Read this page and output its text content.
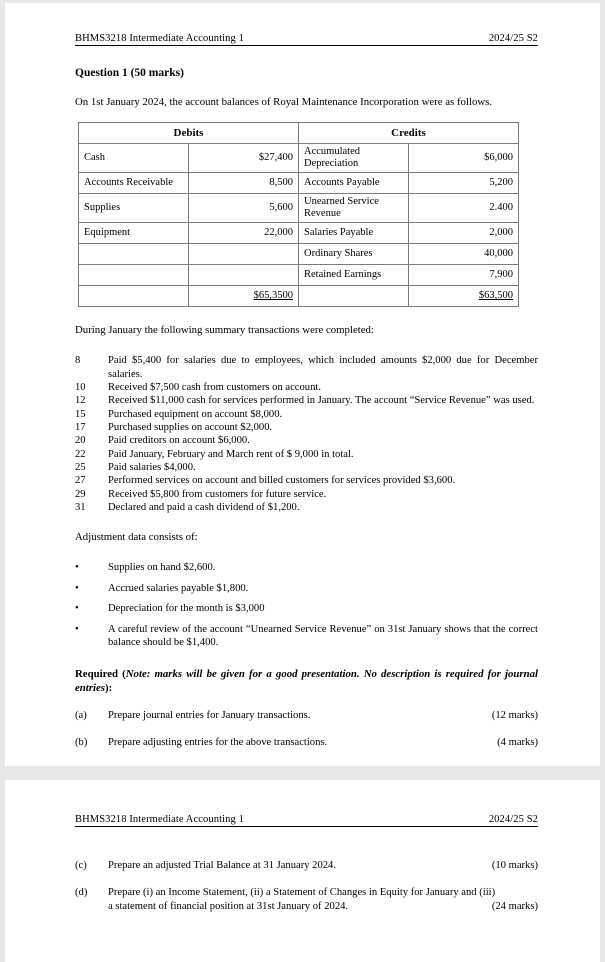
BHMS3218 Intermediate Accounting 1	2024/25 S2
Question 1 (50 marks)
On 1st January 2024, the account balances of Royal Maintenance Incorporation were as follows.
Debits		Credits	
Cash	$27,400	Accumulated Depreciation	$6,000
Accounts Receivable	8,500	Accounts Payable	5,200
Supplies	5,600	Unearned Service Revenue	2.400
Equipment	22,000	Salaries Payable	2,000
		Ordinary Shares	40,000
		Retained Earnings	7,900
	$65,3500		$63,500
During January the following summary transactions were completed:
8	Paid $5,400 for salaries due to employees, which included amounts $2,000 due for December salaries.
10	Received $7,500 cash from customers on account.
12	Received $11,000 cash for services performed in January. The account “Service Revenue” was used.
15	Purchased equipment on account $8,000.
17	Purchased supplies on account $2,000.
20	Paid creditors on account $6,000.
22	Paid January, February and March rent of $ 9,000 in total.
25	Paid salaries $4,000.
27	Performed services on account and billed customers for services provided $3,600.
29	Received $5,800 from customers for future service.
31	Declared and paid a cash dividend of $1,200.
Adjustment data consists of:
•	Supplies on hand $2,600.
•	Accrued salaries payable $1,800.
•	Depreciation for the month is $3,000
•	A careful review of the account “Unearned Service Revenue” on 31st January shows that the correct balance should be $1,400.
Required (Note: marks will be given for a good presentation. No description is required for journal entries):
(a)	Prepare journal entries for January transactions.	(12 marks)
(b)	Prepare adjusting entries for the above transactions.	(4 marks)
BHMS3218 Intermediate Accounting 1	2024/25 S2
(c)	Prepare an adjusted Trial Balance at 31 January 2024.	(10 marks)
(d)	Prepare (i) an Income Statement, (ii) a Statement of Changes in Equity for January and (iii)
a statement of financial position at 31st January of 2024.	(24 marks)
